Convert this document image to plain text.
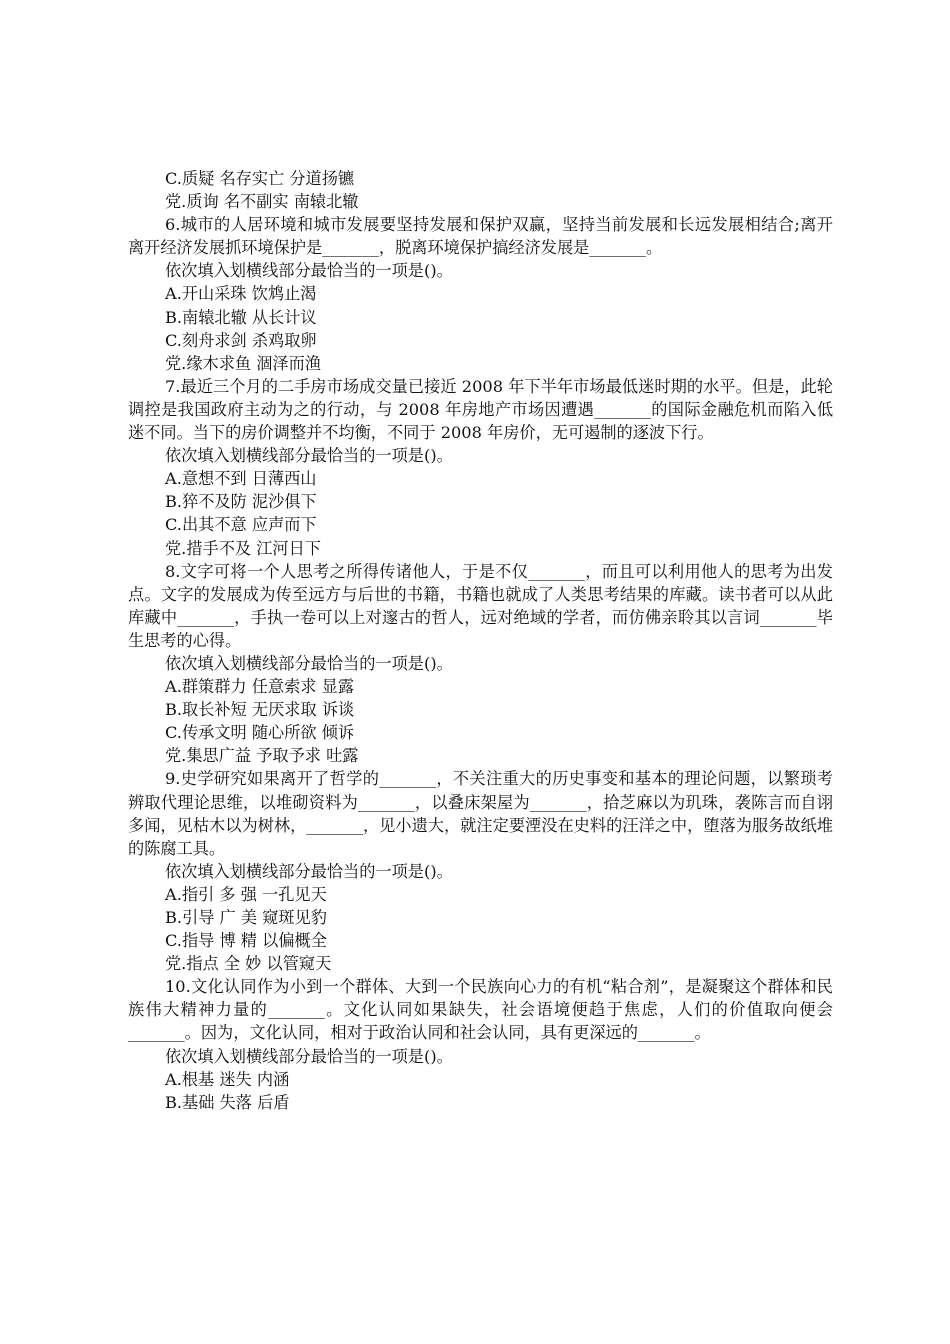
C.质疑 名存实亡 分道扬镳
党.质询 名不副实 南辕北辙

6.城市的人居环境和城市发展要坚持发展和保护双赢，坚持当前发展和长远发展相结合;离开离开经济发展抓环境保护是_______，脱离环境保护搞经济发展是_______。

依次填入划横线部分最恰当的一项是()。
A.开山采珠 饮鸩止渴
B.南辕北辙 从长计议
C.刻舟求剑 杀鸡取卵
党.缘木求鱼 涸泽而渔

7.最近三个月的二手房市场成交量已接近 2008 年下半年市场最低迷时期的水平。但是，此轮调控是我国政府主动为之的行动，与 2008 年房地产市场因遭遇_______的国际金融危机而陷入低迷不同。当下的房价调整并不均衡，不同于 2008 年房价，无可遏制的逐波下行。

依次填入划横线部分最恰当的一项是()。
A.意想不到 日薄西山
B.猝不及防 泥沙俱下
C.出其不意 应声而下
党.措手不及 江河日下

8.文字可将一个人思考之所得传诸他人，于是不仅_______，而且可以利用他人的思考为出发点。文字的发展成为传至远方与后世的书籍，书籍也就成了人类思考结果的库藏。读书者可以从此库藏中_______，手执一卷可以上对邃古的哲人，远对绝域的学者，而仿佛亲聆其以言词_______毕生思考的心得。

依次填入划横线部分最恰当的一项是()。
A.群策群力 任意索求 显露
B.取长补短 无厌求取 诉谈
C.传承文明 随心所欲 倾诉
党.集思广益 予取予求 吐露

9.史学研究如果离开了哲学的_______，不关注重大的历史事变和基本的理论问题，以繁琐考辨取代理论思维，以堆砌资料为_______，以叠床架屋为_______，拾芝麻以为玑珠，袭陈言而自诩多闻，见枯木以为树林，_______，见小遗大，就注定要湮没在史料的汪洋之中，堕落为服务故纸堆的陈腐工具。

依次填入划横线部分最恰当的一项是()。
A.指引 多 强 一孔见天
B.引导 广 美 窥斑见豹
C.指导 博 精 以偏概全
党.指点 全 妙 以管窥天

10.文化认同作为小到一个群体、大到一个民族向心力的有机“粘合剂”，是凝聚这个群体和民族伟大精神力量的_______。文化认同如果缺失，社会语境便趋于焦虑，人们的价值取向便会_______。因为，文化认同，相对于政治认同和社会认同，具有更深远的_______。

依次填入划横线部分最恰当的一项是()。
A.根基 迷失 内涵
B.基础 失落 后盾
